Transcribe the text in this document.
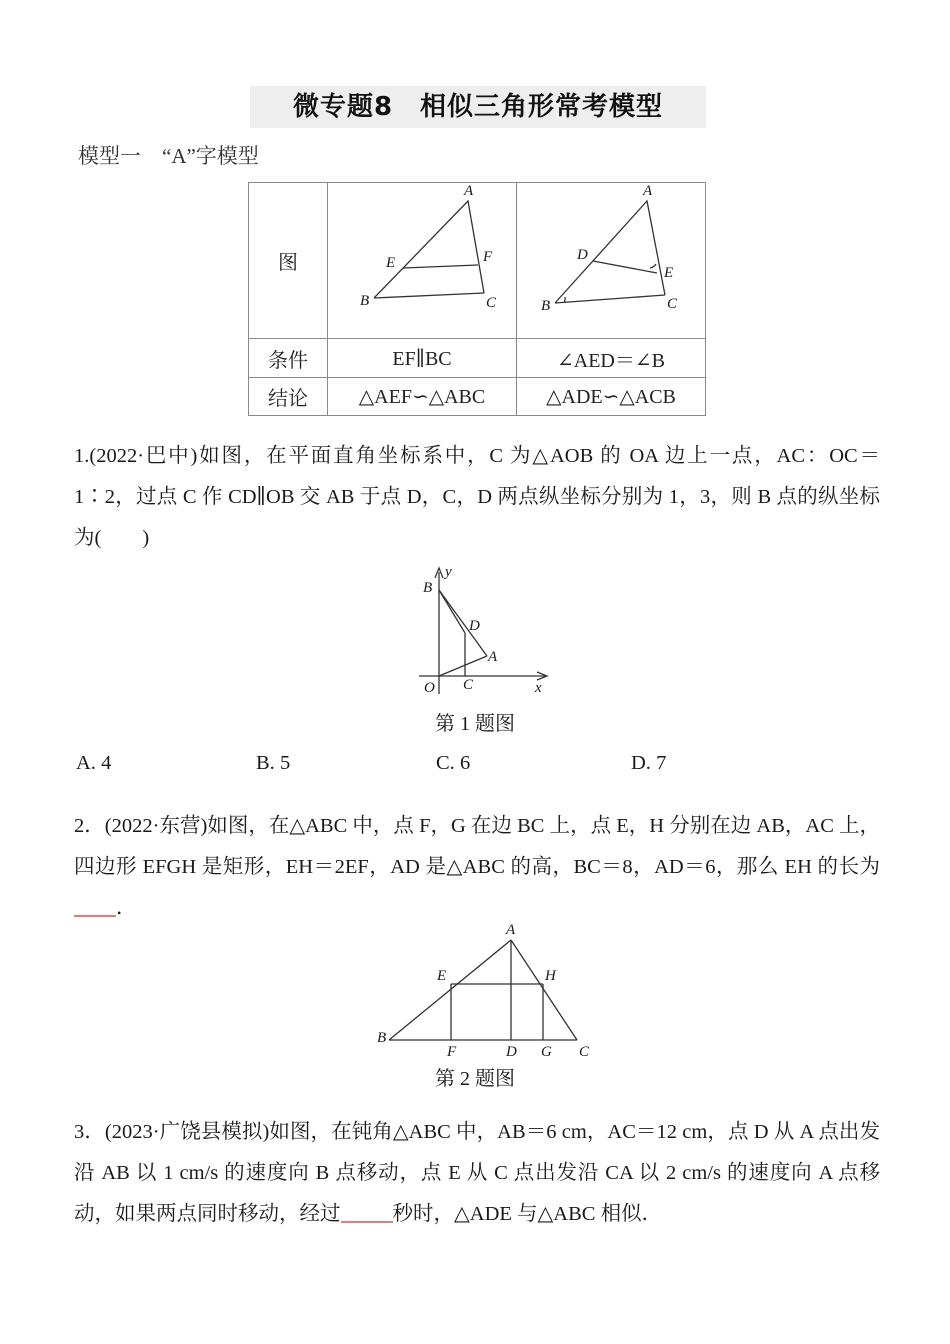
微专题8　相似三角形常考模型
模型一　“A”字模型
图	A
B C
E F	A
B C
D
E

条件	EF∥BC	∠AED＝∠B
结论	△AEF∽△ABC	△ADE∽△ACB
1.(2022·巴中)如图，在平面直角坐标系中，C 为△AOB 的 OA 边上一点，AC：OC＝1∶2，过点 C 作 CD∥OB 交 AB 于点 D，C，D 两点纵坐标分别为 1，3，则 B 点的纵坐标为(　　)
B
A
C
D
O
y
x
第 1 题图
A. 4	B. 5	C. 6	D. 7
2．(2022·东营)如图，在△ABC 中，点 F，G 在边 BC 上，点 E，H 分别在边 AB，AC 上，四边形 EFGH 是矩形，EH＝2EF，AD 是△ABC 的高，BC＝8，AD＝6，那么 EH 的长为．
A
B
C
D
E
F	G
H
第 2 题图
3．(2023·广饶县模拟)如图，在钝角△ABC 中，AB＝6 cm，AC＝12 cm，点 D 从 A 点出发沿 AB 以 1 cm/s 的速度向 B 点移动，点 E 从 C 点出发沿 CA 以 2 cm/s 的速度向 A 点移动，如果两点同时移动，经过	秒时，△ADE 与△ABC 相似．
